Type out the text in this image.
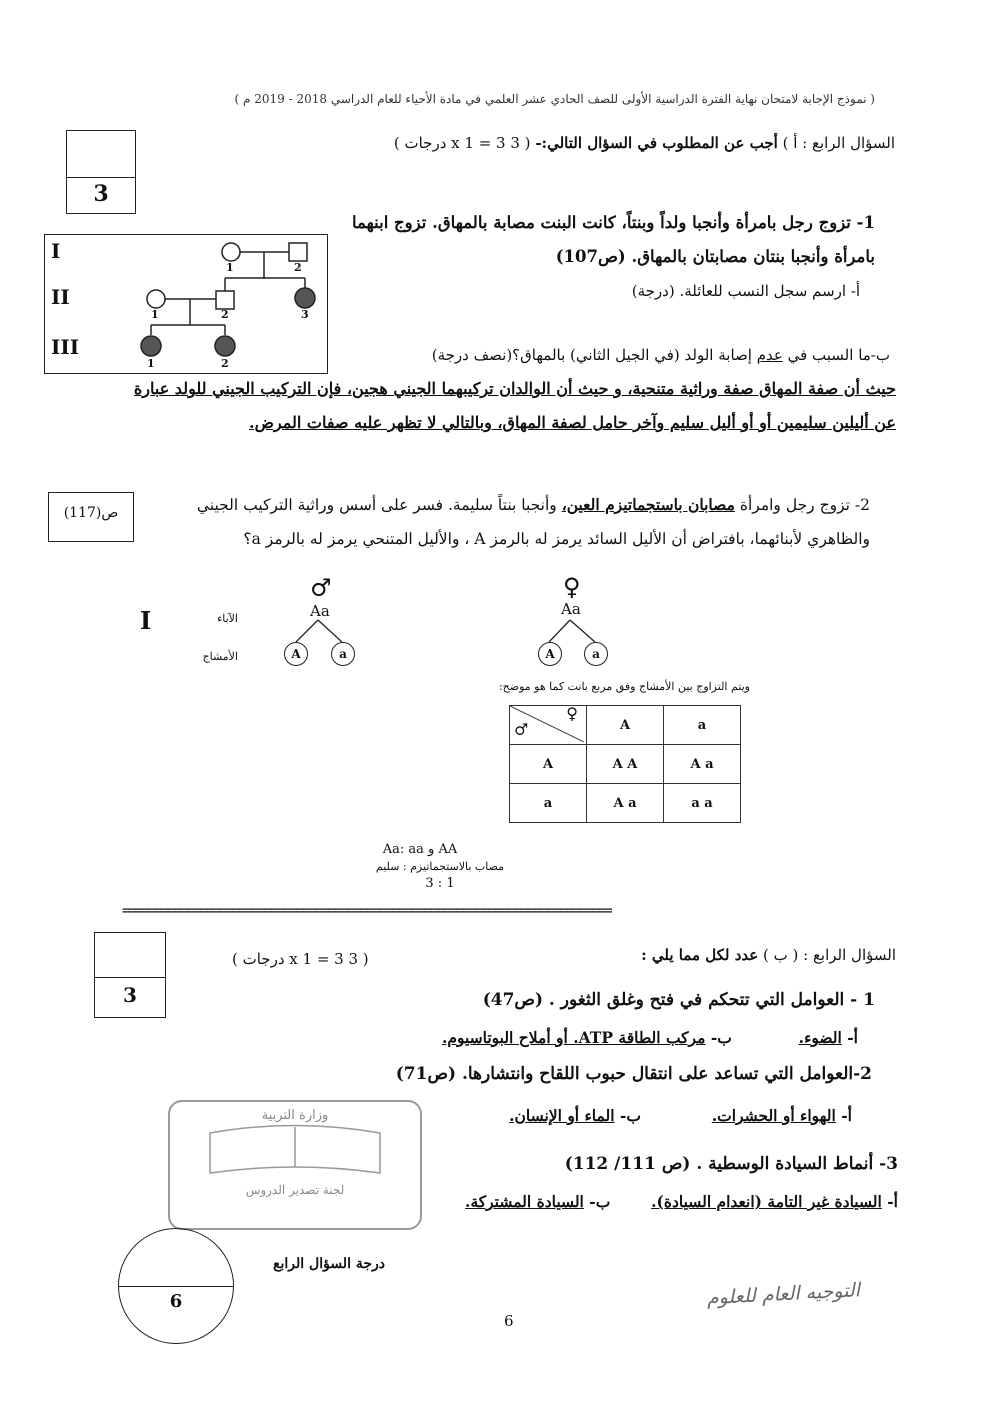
( نموذج الإجابة لامتحان نهاية الفترة الدراسية الأولى للصف الحادي عشر العلمي في مادة الأحياء للعام الدراسي 2018 - 2019 م )
3
السؤال الرابع : أ ) أجب عن المطلوب في السؤال التالي:- ( 3 x 1 = 3 درجات )
1- تزوج رجل بامرأة وأنجبا ولداً وبنتاً، كانت البنت مصابة بالمهاق. تزوج ابنهما بامرأة وأنجبا بنتان مصابتان بالمهاق. (ص107)
أ- ارسم سجل النسب للعائلة. (درجة)
I
II
III
1	2
1	2	3
1	2	ب-ما السبب في عدم إصابة الولد (في الجيل الثاني) بالمهاق؟(نصف درجة)
حيث أن صفة المهاق صفة وراثية متنحية، و حيث أن الوالدان تركيبهما الجيني هجين، فإن التركيب الجيني للولد عبارة عن أليلين سليمين أو أو أليل سليم وآخر حامل لصفة المهاق، وبالتالي لا تظهر عليه صفات المرض.
ص(117)	2- تزوج رجل وامرأة مصابان باستجماتيزم العين، وأنجبا بنتاً سليمة. فسر على أسس وراثية التركيب الجيني والظاهري لأبنائهما، بافتراض أن الأليل السائد يرمز له بالرمز A ، والأليل المتنحي يرمز له بالرمز a؟
I	الآباء
الأمشاج
♂
Aa
♀
Aa
A	a	A	a
ويتم التزاوج بين الأمشاج وفق مربع بانت كما هو موضح:
♀
♂	A	a
A	A A	A a
a	A a	a a
AA و Aa: aa
مصاب بالاستجماتيزم : سليم
3 : 1
============================================================================
3
( 3 x 1 = 3 درجات )	السؤال الرابع : ( ب ) عدد لكل مما يلي :
1 - العوامل التي تتحكم في فتح وغلق الثغور . (ص47)
أ- الضوء.  ب- مركب الطاقة ATP. أو أملاح البوتاسيوم.
2-العوامل التي تساعد على انتقال حبوب اللقاح وانتشارها. (ص71)
أ- الهواء أو الحشرات.  ب- الماء أو الإنسان.
3- أنماط السيادة الوسطية . (ص 111/ 112)
أ- السيادة غير التامة (انعدام السيادة).  ب- السيادة المشتركة.
وزارة التربية
لجنة تصدير الدروس
6
درجة السؤال الرابع
التوجيه العام للعلوم
6
